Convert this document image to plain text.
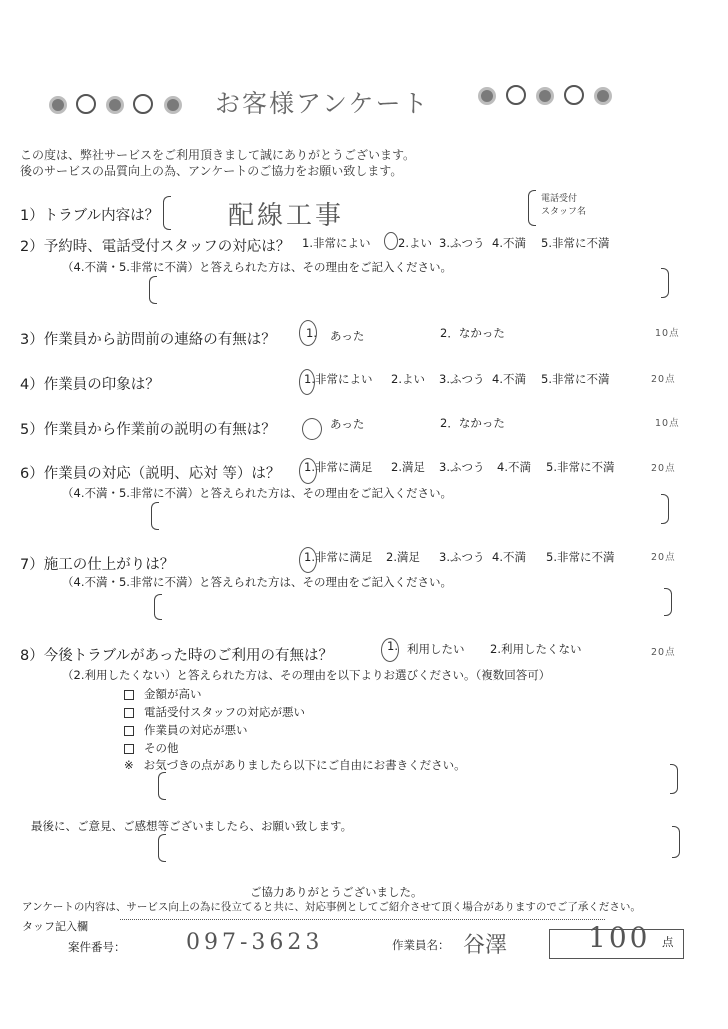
お客様アンケート
この度は、弊社サービスをご利用頂きまして誠にありがとうございます。
後のサービスの品質向上の為、アンケートのご協力をお願い致します。
電話受付
スタッフ名
1）トラブル内容は？	配線工事
2）予約時、電話受付スタッフの対応は？ 1.非常によい 2.よい 3.ふつう 4.不満 5.非常に不満
（4.不満・5.非常に不満）と答えられた方は、その理由をご記入ください。
3）作業員から訪問前の連絡の有無は？	1. あった	2．なかった	10点
4）作業員の印象は？	1.非常によい 2.よい 3.ふつう 4.不満 5.非常に不満	20点
5）作業員から作業前の説明の有無は？	あった	2．なかった	10点
6）作業員の対応（説明、応対 等）は？ 1.非常に満足 2.満足 3.ふつう 4.不満 5.非常に不満	20点
（4.不満・5.非常に不満）と答えられた方は、その理由をご記入ください。
7）施工の仕上がりは？	1.非常に満足 2.満足 3.ふつう 4.不満 5.非常に不満	20点
（4.不満・5.非常に不満）と答えられた方は、その理由をご記入ください。
8）今後トラブルがあった時のご利用の有無は？
1. 利用したい 2.利用したくない	20点
（2.利用したくない）と答えられた方は、その理由を以下よりお選びください。（複数回答可）
金額が高い
電話受付スタッフの対応が悪い
作業員の対応が悪い
その他
※ お気づきの点がありましたら以下にご自由にお書きください。
最後に、ご意見、ご感想等ございましたら、お願い致します。
ご協力ありがとうございました。
アンケートの内容は、サービス向上の為に役立てると共に、対応事例としてご紹介させて頂く場合がありますのでご了承ください。
タッフ記入欄
案件番号：	097-3623	作業員名： 谷澤	100 点
